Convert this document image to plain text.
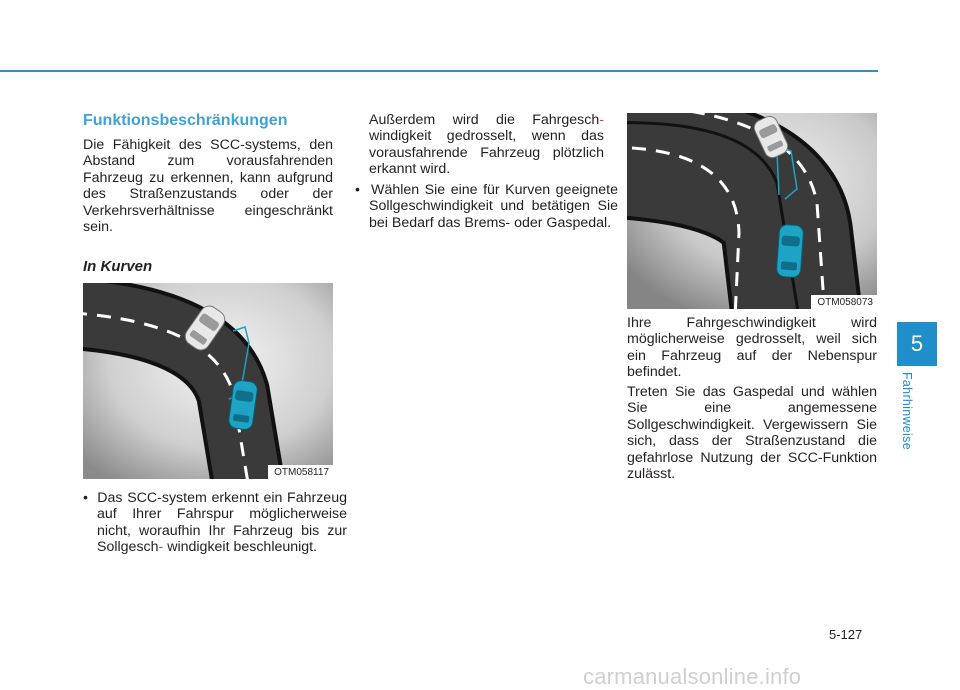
Funktionsbeschränkungen
Die Fähigkeit des SCC-systems, den Abstand zum vorausfahrenden Fahrzeug zu erkennen, kann aufgrund des Straßenzustands oder der Verkehrsverhältnisse eingeschränkt sein.
In Kurven
OTM058117
•  Das SCC-system erkennt ein Fahrzeug auf Ihrer Fahrspur möglicherweise nicht, woraufhin Ihr Fahrzeug bis zur Sollgesch- windigkeit beschleunigt.
Außerdem wird die Fahrgesch- windigkeit gedrosselt, wenn das vorausfahrende Fahrzeug plötzlich erkannt wird.
•  Wählen Sie eine für Kurven geeignete Sollgeschwindigkeit und betätigen Sie bei Bedarf das Brems- oder Gaspedal.
OTM058073
Ihre Fahrgeschwindigkeit wird möglicherweise gedrosselt, weil sich ein Fahrzeug auf der Nebenspur befindet.
Treten Sie das Gaspedal und wählen Sie eine angemessene Sollgeschwindigkeit. Vergewissern Sie sich, dass der Straßenzustand die gefahrlose Nutzung der SCC-Funktion zulässt.
5
Fahrhinweise
5-127
carmanualsonline.info
